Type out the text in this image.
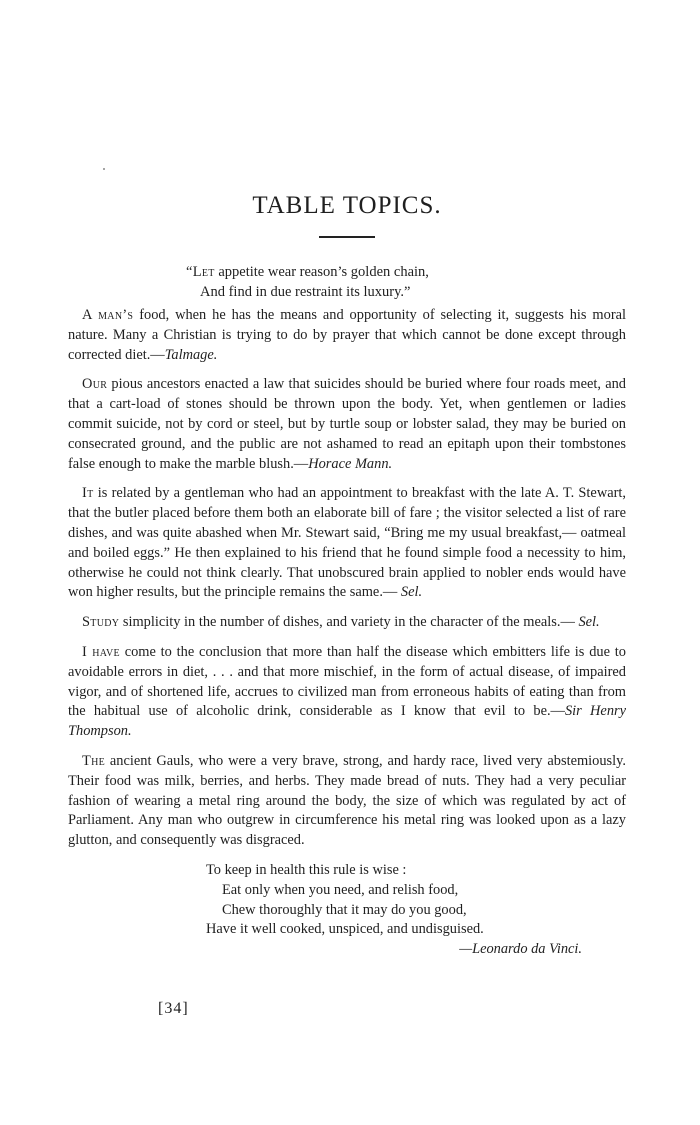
TABLE TOPICS.
“Let appetite wear reason’s golden chain,
And find in due restraint its luxury.”

A man’s food, when he has the means and opportunity of selecting it, suggests his moral nature. Many a Christian is trying to do by prayer that which cannot be done except through corrected diet.—Talmage.

Our pious ancestors enacted a law that suicides should be buried where four roads meet, and that a cart-load of stones should be thrown upon the body. Yet, when gentlemen or ladies commit suicide, not by cord or steel, but by turtle soup or lobster salad, they may be buried on consecrated ground, and the public are not ashamed to read an epitaph upon their tombstones false enough to make the marble blush.—Horace Mann.

It is related by a gentleman who had an appointment to breakfast with the late A. T. Stewart, that the butler placed before them both an elaborate bill of fare ; the visitor selected a list of rare dishes, and was quite abashed when Mr. Stewart said, “Bring me my usual breakfast,— oatmeal and boiled eggs.” He then explained to his friend that he found simple food a necessity to him, otherwise he could not think clearly. That unobscured brain applied to nobler ends would have won higher results, but the principle remains the same.— Sel.

Study simplicity in the number of dishes, and variety in the character of the meals.— Sel.

I have come to the conclusion that more than half the disease which embitters life is due to avoidable errors in diet, . . . and that more mischief, in the form of actual disease, of impaired vigor, and of shortened life, accrues to civilized man from erroneous habits of eating than from the habitual use of alcoholic drink, considerable as I know that evil to be.—Sir Henry Thompson.

The ancient Gauls, who were a very brave, strong, and hardy race, lived very abstemiously. Their food was milk, berries, and herbs. They made bread of nuts. They had a very peculiar fashion of wearing a metal ring around the body, the size of which was regulated by act of Parliament. Any man who outgrew in circumference his metal ring was looked upon as a lazy glutton, and consequently was disgraced.

To keep in health this rule is wise :
Eat only when you need, and relish food,
Chew thoroughly that it may do you good,
Have it well cooked, unspiced, and undisguised.
—Leonardo da Vinci.
[34]
